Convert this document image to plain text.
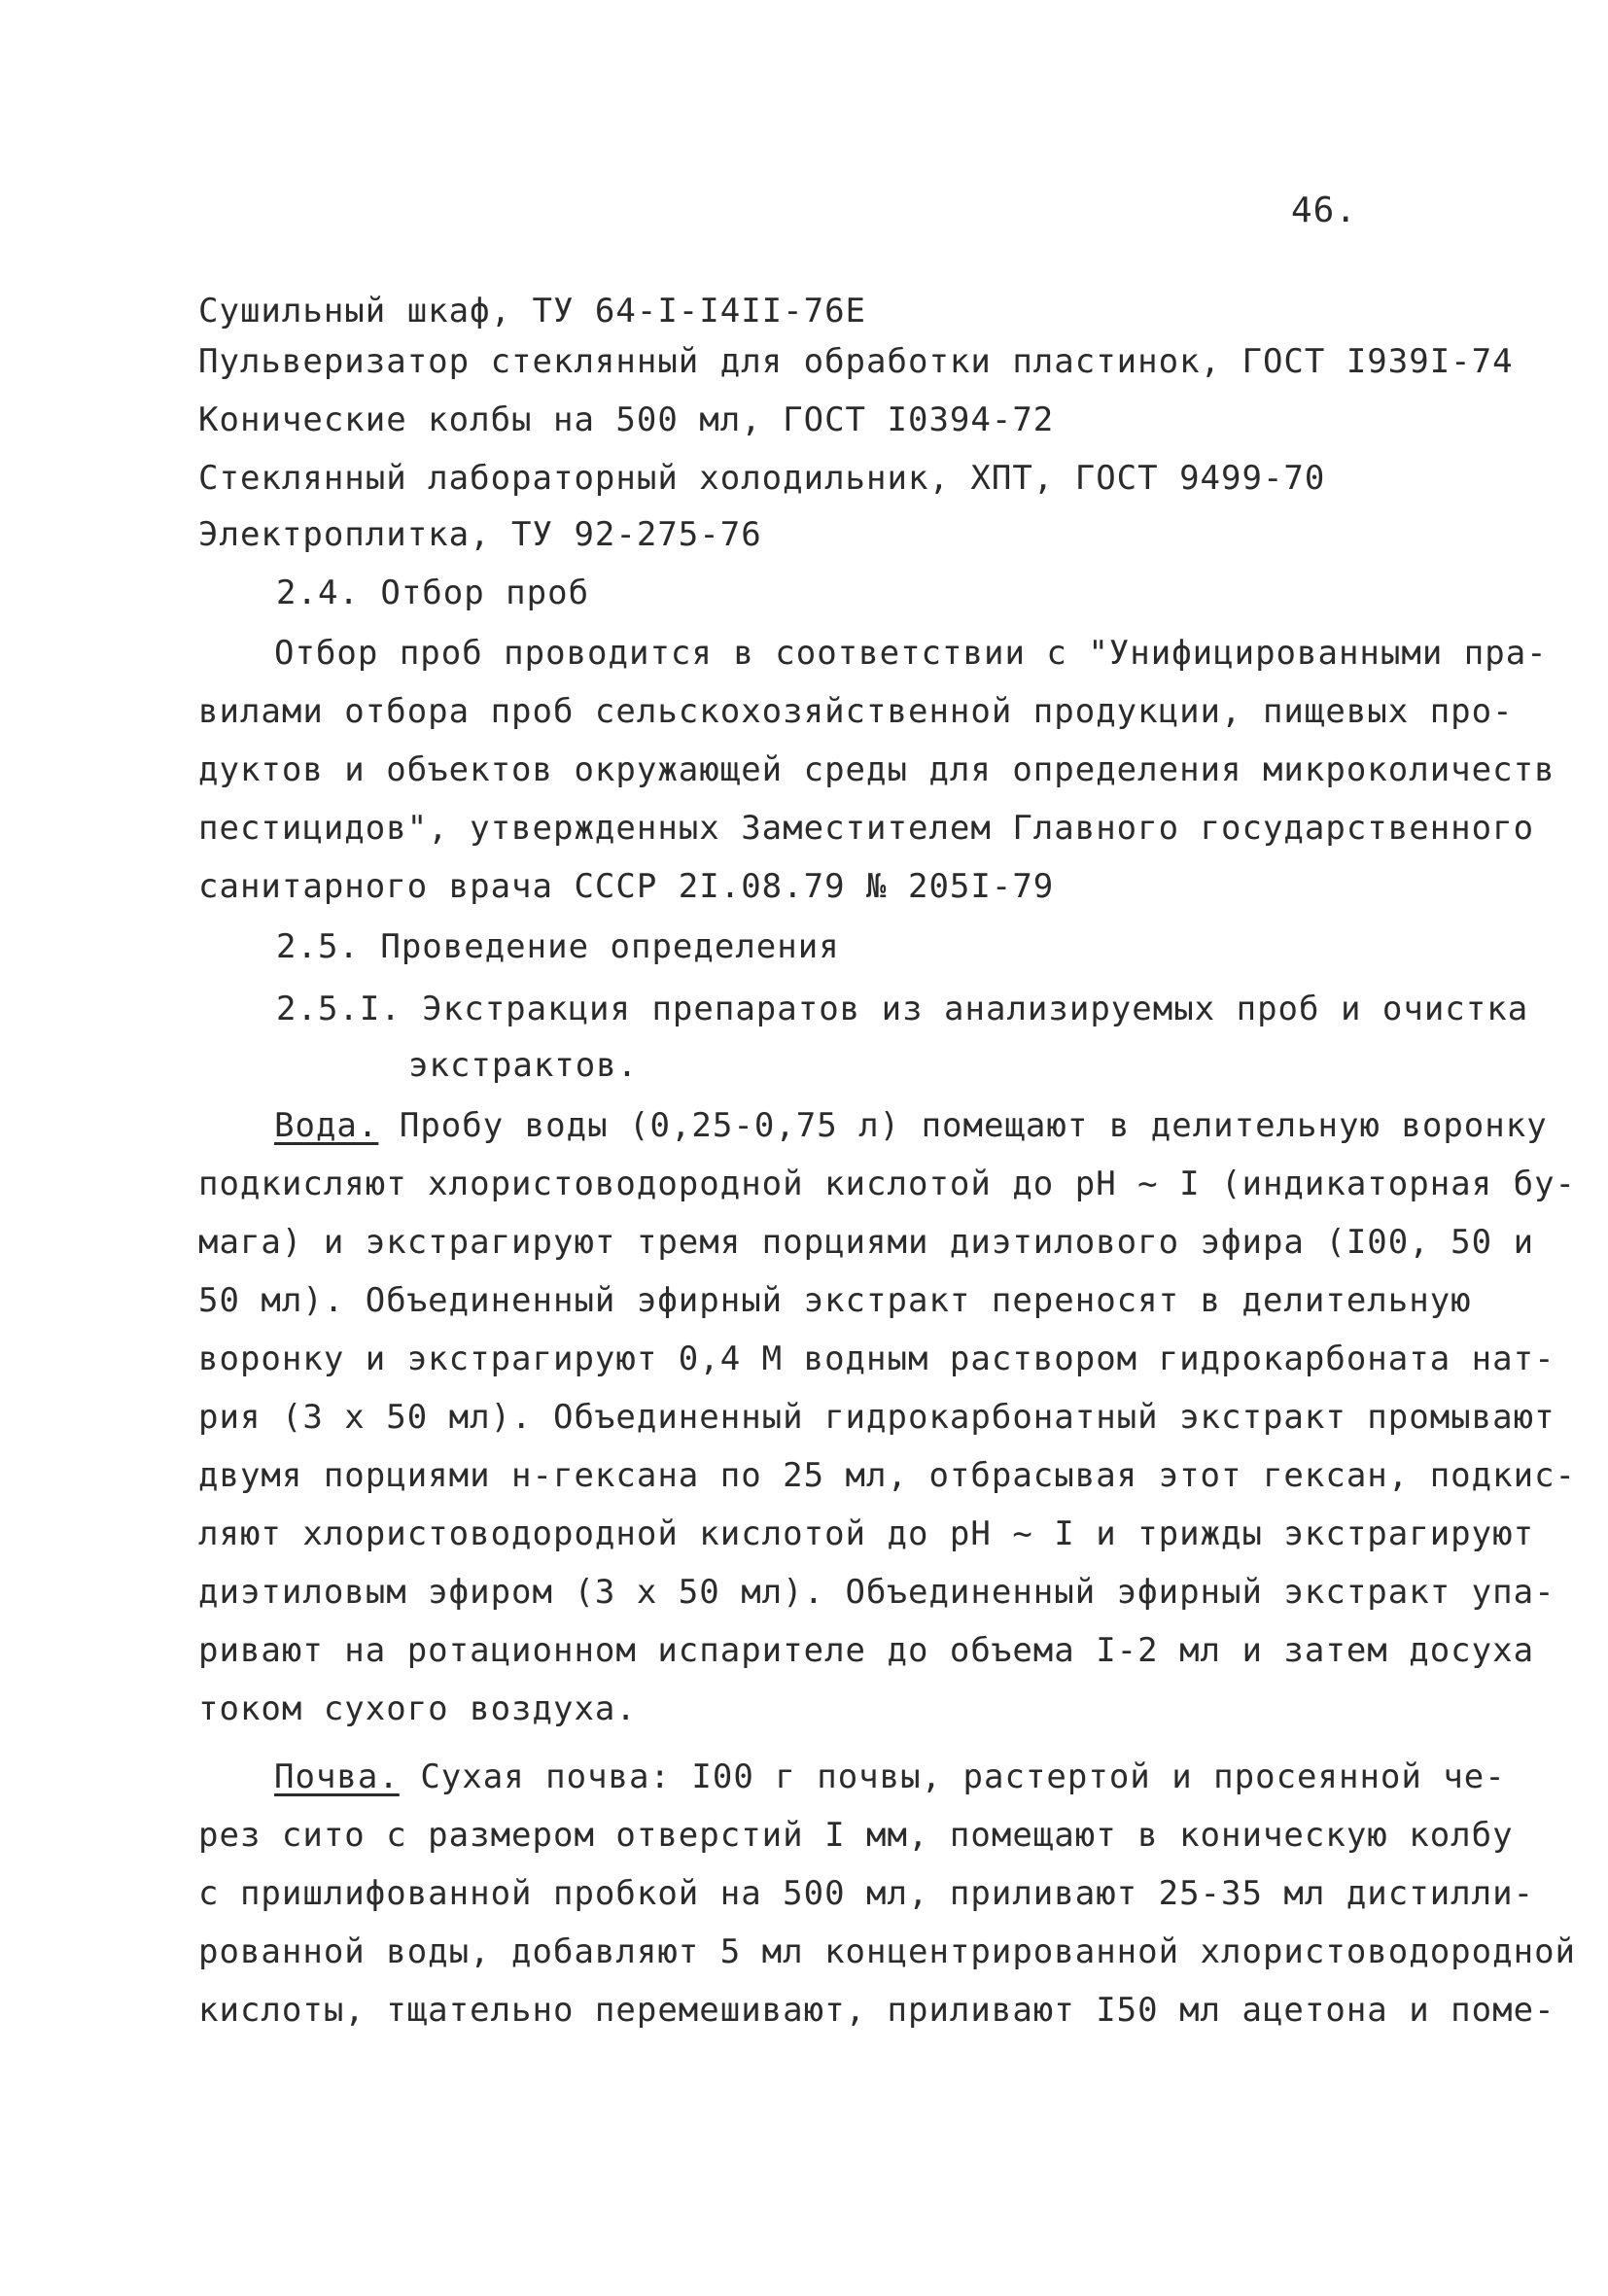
46.
Сушильный шкаф, ТУ 64-I-I4II-76Е
Пульверизатор стеклянный для обработки пластинок, ГОСТ I939I-74
Конические колбы на 500 мл, ГОСТ I0394-72
Стеклянный лабораторный холодильник, ХПТ, ГОСТ 9499-70
Электроплитка, ТУ 92-275-76
2.4. Отбор проб
Отбор проб проводится в соответствии с "Унифицированными пра-
вилами отбора проб сельскохозяйственной продукции, пищевых про-
дуктов и объектов окружающей среды для определения микроколичеств
пестицидов", утвержденных Заместителем Главного государственного
санитарного врача СССР 2I.08.79 № 205I-79
2.5. Проведение определения
2.5.I. Экстракция препаратов из анализируемых проб и очистка
экстрактов.
Вода. Пробу воды (0,25-0,75 л) помещают в делительную воронку
подкисляют хлористоводородной кислотой до рН ~ I (индикаторная бу-
мага) и экстрагируют тремя порциями диэтилового эфира (I00, 50 и
50 мл). Объединенный эфирный экстракт переносят в делительную
воронку и экстрагируют 0,4 М водным раствором гидрокарбоната нат-
рия (3 х 50 мл). Объединенный гидрокарбонатный экстракт промывают
двумя порциями н-гексана по 25 мл, отбрасывая этот гексан, подкис-
ляют хлористоводородной кислотой до рН ~ I и трижды экстрагируют
диэтиловым эфиром (3 х 50 мл). Объединенный эфирный экстракт упа-
ривают на ротационном испарителе до объема I-2 мл и затем досуха
током сухого воздуха.
Почва. Сухая почва: I00 г почвы, растертой и просеянной че-
рез сито с размером отверстий I мм, помещают в коническую колбу
с пришлифованной пробкой на 500 мл, приливают 25-35 мл дистилли-
рованной воды, добавляют 5 мл концентрированной хлористоводородной
кислоты, тщательно перемешивают, приливают I50 мл ацетона и поме-
